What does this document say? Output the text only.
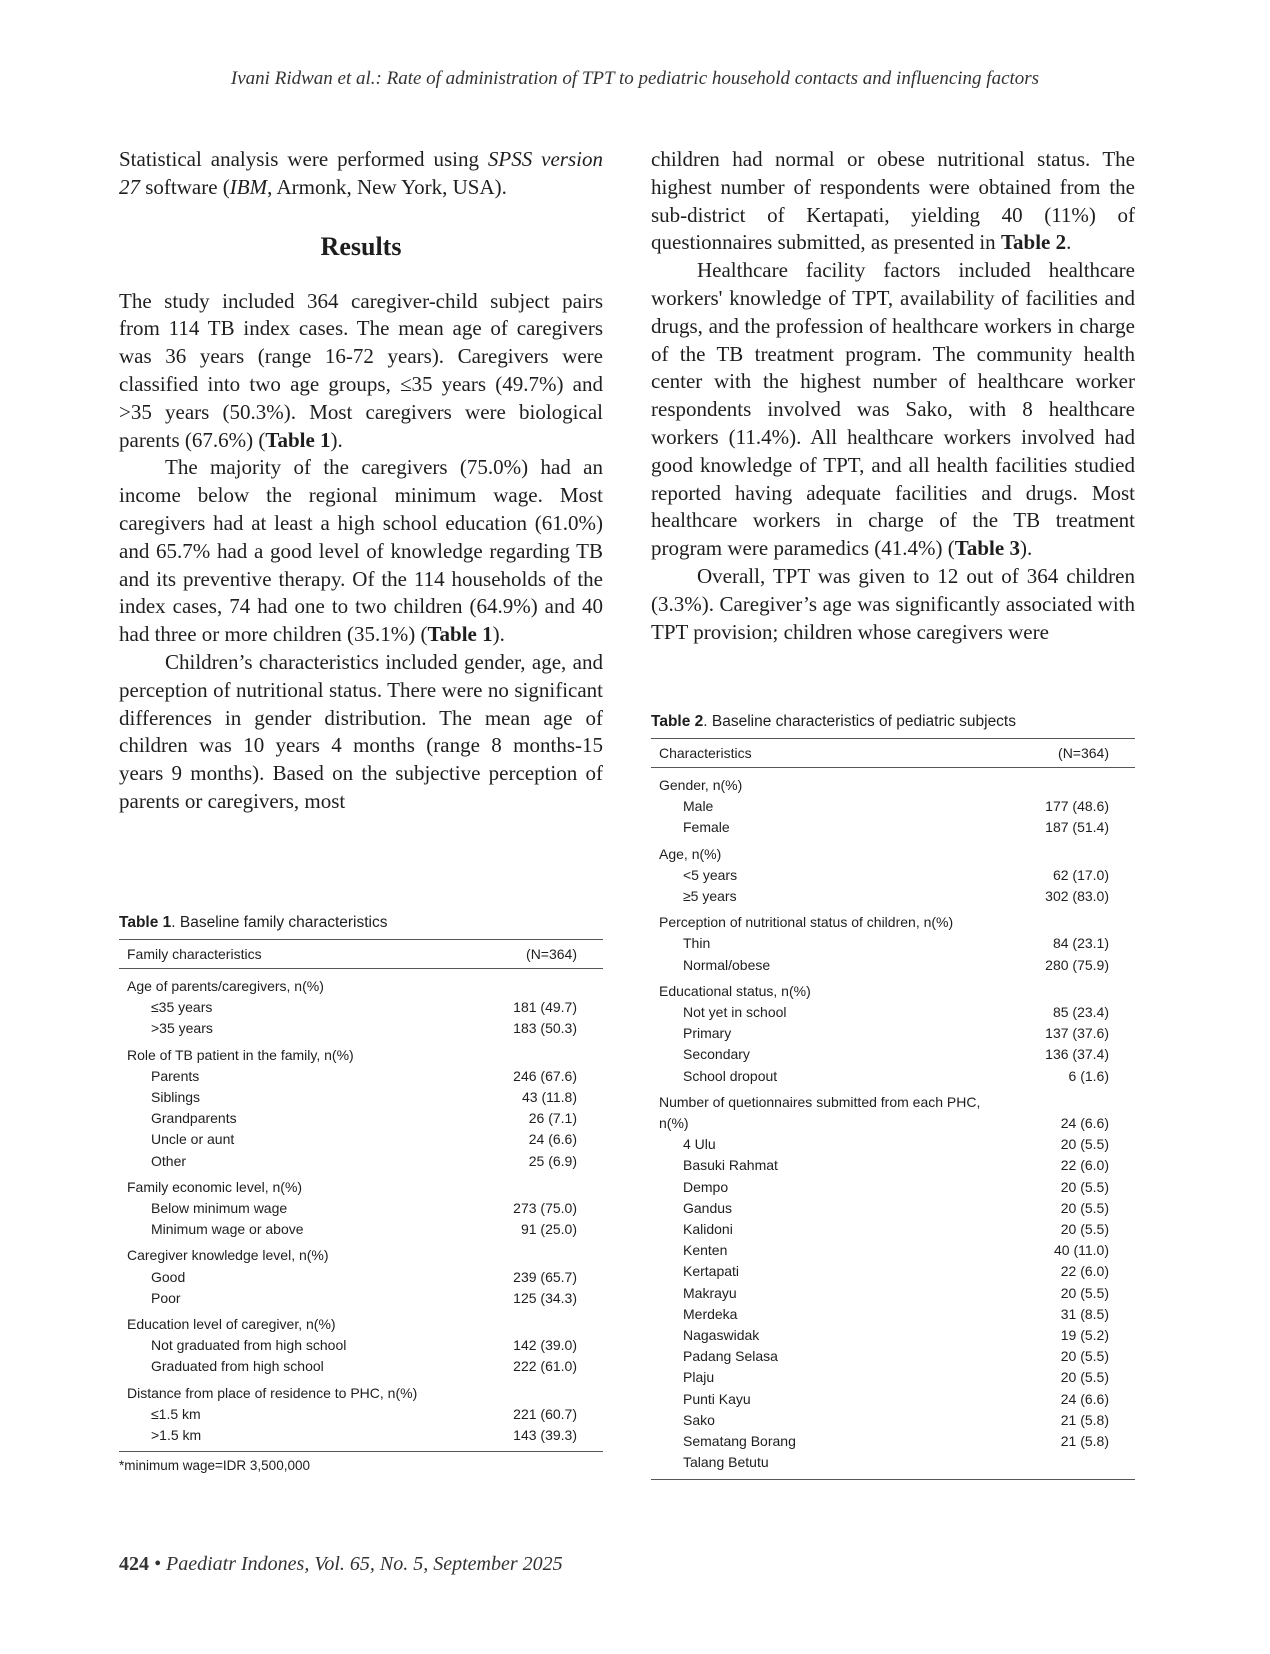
Ivani Ridwan et al.: Rate of administration of TPT to pediatric household contacts and influencing factors

Statistical analysis were performed using SPSS version 27 software (IBM, Armonk, New York, USA).

Results

The study included 364 caregiver-child subject pairs from 114 TB index cases. The mean age of caregivers was 36 years (range 16-72 years). Caregivers were classified into two age groups, ≤35 years (49.7%) and >35 years (50.3%). Most caregivers were biological parents (67.6%) (Table 1).

The majority of the caregivers (75.0%) had an income below the regional minimum wage. Most caregivers had at least a high school education (61.0%) and 65.7% had a good level of knowledge regarding TB and its preventive therapy. Of the 114 households of the index cases, 74 had one to two children (64.9%) and 40 had three or more children (35.1%) (Table 1).

Children’s characteristics included gender, age, and perception of nutritional status. There were no significant differences in gender distribution. The mean age of children was 10 years 4 months (range 8 months-15 years 9 months). Based on the subjective perception of parents or caregivers, most

children had normal or obese nutritional status. The highest number of respondents were obtained from the sub-district of Kertapati, yielding 40 (11%) of questionnaires submitted, as presented in Table 2.

Healthcare facility factors included healthcare workers' knowledge of TPT, availability of facilities and drugs, and the profession of healthcare workers in charge of the TB treatment program. The community health center with the highest number of healthcare worker respondents involved was Sako, with 8 healthcare workers (11.4%). All healthcare workers involved had good knowledge of TPT, and all health facilities studied reported having adequate facilities and drugs. Most healthcare workers in charge of the TB treatment program were paramedics (41.4%) (Table 3).

Overall, TPT was given to 12 out of 364 children (3.3%). Caregiver’s age was significantly associated with TPT provision; children whose caregivers were

Table 1. Baseline family characteristics
Family characteristics	(N=364)
Age of parents/caregivers, n(%)	
≤35 years	181 (49.7)
>35 years	183 (50.3)
Role of TB patient in the family, n(%)	
Parents	246 (67.6)
Siblings	43 (11.8)
Grandparents	26 (7.1)
Uncle or aunt	24 (6.6)
Other	25 (6.9)
Family economic level, n(%)	
Below minimum wage	273 (75.0)
Minimum wage or above	91 (25.0)
Caregiver knowledge level, n(%)	
Good	239 (65.7)
Poor	125 (34.3)
Education level of caregiver, n(%)	
Not graduated from high school	142 (39.0)
Graduated from high school	222 (61.0)
Distance from place of residence to PHC, n(%)	
≤1.5 km	221 (60.7)
>1.5 km	143 (39.3)
*minimum wage=IDR 3,500,000
Table 2. Baseline characteristics of pediatric subjects
Characteristics	(N=364)
Gender, n(%)	
Male	177 (48.6)
Female	187 (51.4)
Age, n(%)	
<5 years	62 (17.0)
≥5 years	302 (83.0)
Perception of nutritional status of children, n(%)	
Thin	84 (23.1)
Normal/obese	280 (75.9)
Educational status, n(%)	
Not yet in school	85 (23.4)
Primary	137 (37.6)
Secondary	136 (37.4)
School dropout	6 (1.6)
Number of quetionnaires submitted from each PHC,	
n(%)	24 (6.6)
4 Ulu	20 (5.5)
Basuki Rahmat	22 (6.0)
Dempo	20 (5.5)
Gandus	20 (5.5)
Kalidoni	20 (5.5)
Kenten	40 (11.0)
Kertapati	22 (6.0)
Makrayu	20 (5.5)
Merdeka	31 (8.5)
Nagaswidak	19 (5.2)
Padang Selasa	20 (5.5)
Plaju	20 (5.5)
Punti Kayu	24 (6.6)
Sako	21 (5.8)
Sematang Borang	21 (5.8)
Talang Betutu	
424 • Paediatr Indones, Vol. 65, No. 5, September 2025
